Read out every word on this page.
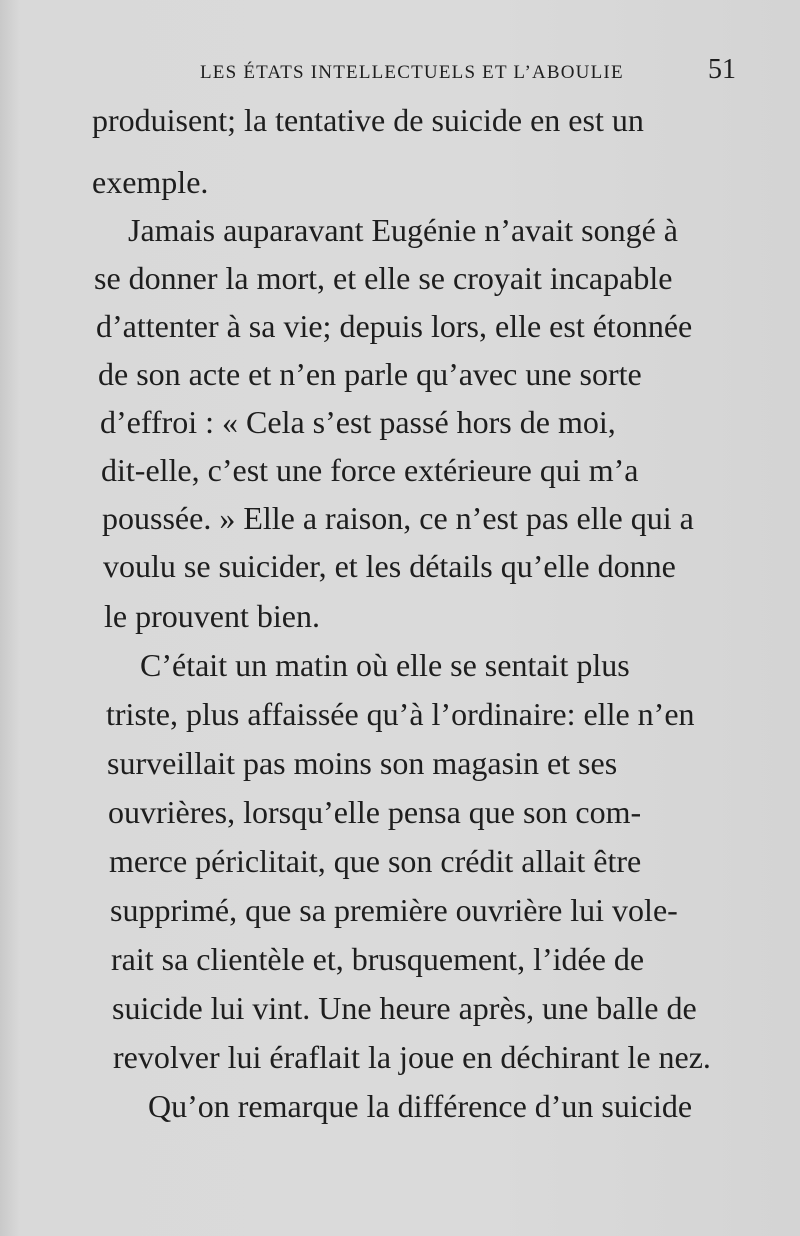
LES ÉTATS INTELLECTUELS ET L’ABOULIE	51
produisent; la tentative de suicide en est un
exemple.
Jamais auparavant Eugénie n’avait songé à
se donner la mort, et elle se croyait incapable
d’attenter à sa vie; depuis lors, elle est étonnée
de son acte et n’en parle qu’avec une sorte
d’effroi : « Cela s’est passé hors de moi,
dit-elle, c’est une force extérieure qui m’a
poussée. » Elle a raison, ce n’est pas elle qui a
voulu se suicider, et les détails qu’elle donne
le prouvent bien.
C’était un matin où elle se sentait plus
triste, plus affaissée qu’à l’ordinaire: elle n’en
surveillait pas moins son magasin et ses
ouvrières, lorsqu’elle pensa que son com-
merce périclitait, que son crédit allait être
supprimé, que sa première ouvrière lui vole-
rait sa clientèle et, brusquement, l’idée de
suicide lui vint. Une heure après, une balle de
revolver lui éraflait la joue en déchirant le nez.
Qu’on remarque la différence d’un suicide
